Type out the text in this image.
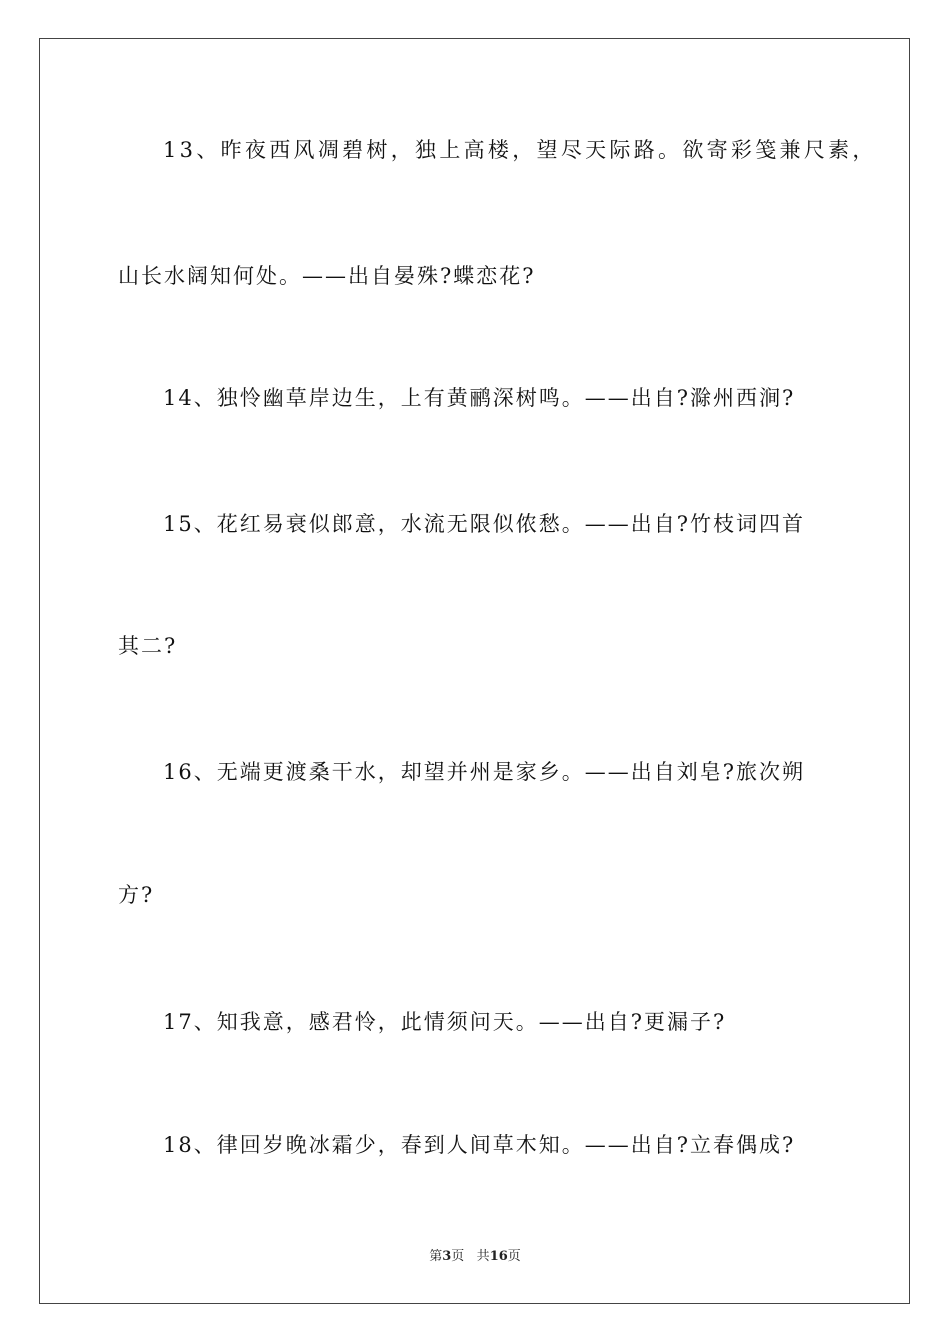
13、昨夜西风凋碧树，独上高楼，望尽天际路。欲寄彩笺兼尺素，
山长水阔知何处。——出自晏殊?蝶恋花?
14、独怜幽草岸边生，上有黄鹂深树鸣。——出自?滁州西涧?
15、花红易衰似郎意，水流无限似侬愁。——出自?竹枝词四首
其二?
16、无端更渡桑干水，却望并州是家乡。——出自刘皂?旅次朔
方?
17、知我意，感君怜，此情须问天。——出自?更漏子?
18、律回岁晚冰霜少，春到人间草木知。——出自?立春偶成?
第3页 共16页
